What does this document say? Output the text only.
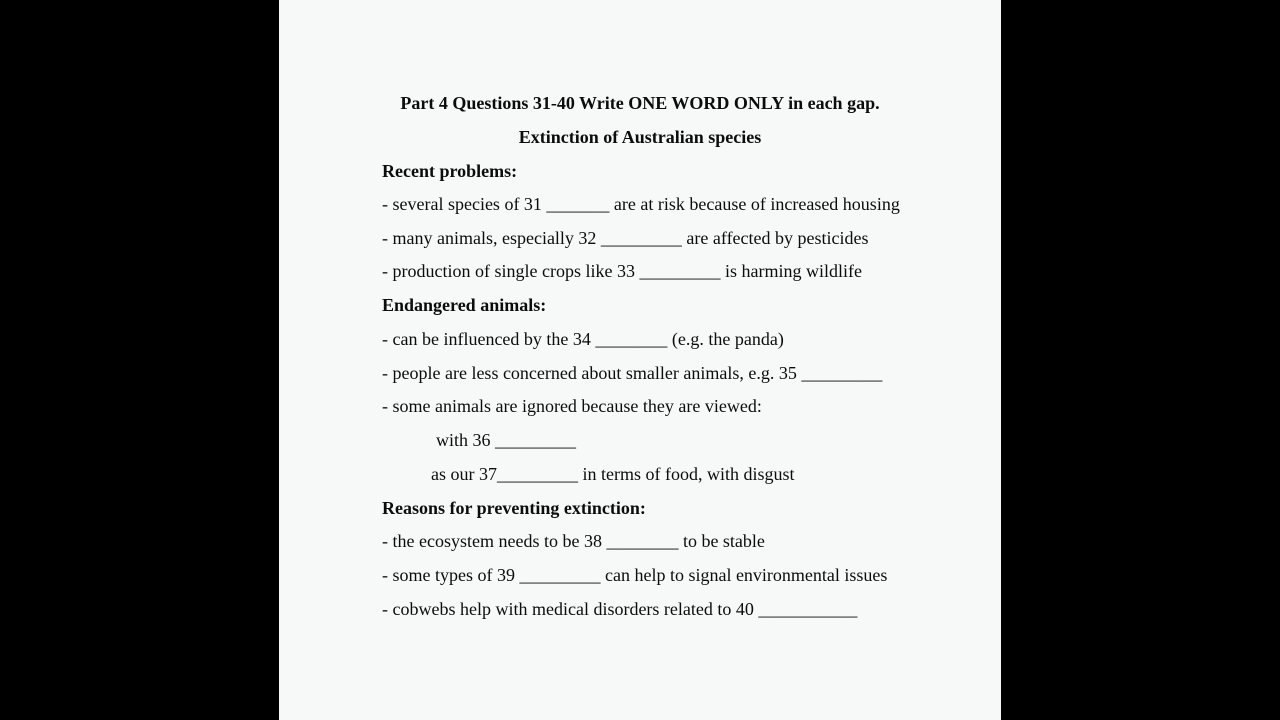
Part 4 Questions 31-40 Write ONE WORD ONLY in each gap.
Extinction of Australian species
Recent problems:
- several species of 31 _______ are at risk because of increased housing
- many animals, especially 32 _________ are affected by pesticides
- production of single crops like 33 _________ is harming wildlife
Endangered animals:
- can be influenced by the 34 ________ (e.g. the panda)
- people are less concerned about smaller animals, e.g. 35 _________
- some animals are ignored because they are viewed:
with 36 _________
as our 37_________ in terms of food, with disgust
Reasons for preventing extinction:
- the ecosystem needs to be 38 ________ to be stable
- some types of 39 _________ can help to signal environmental issues
- cobwebs help with medical disorders related to 40 ___________
